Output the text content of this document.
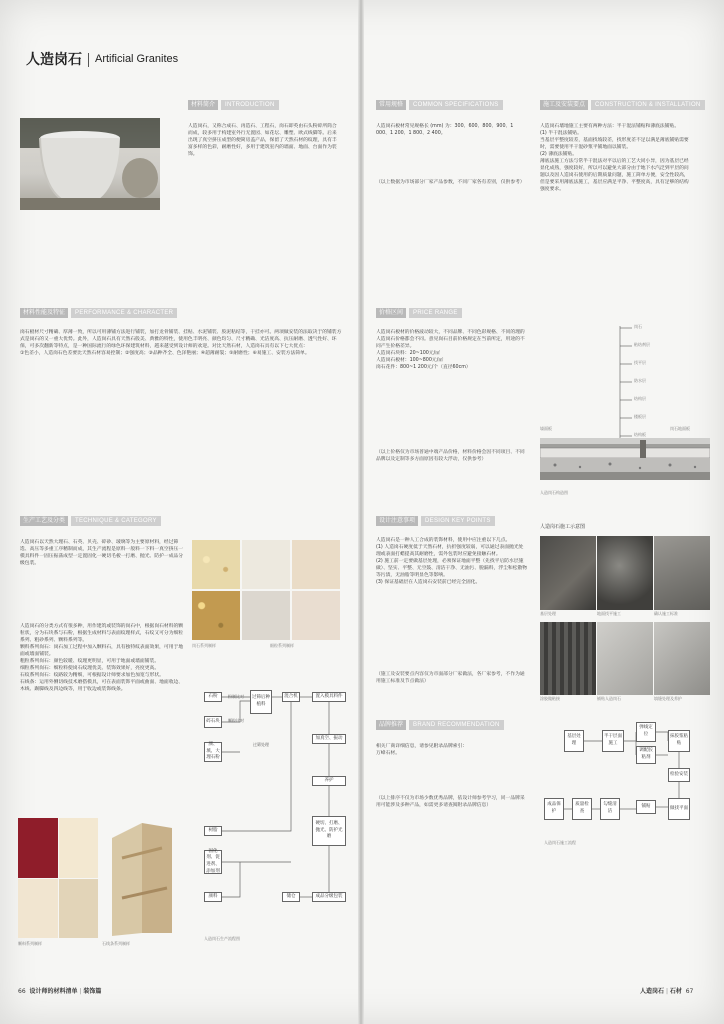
人造岗石 Artificial Granites
材料简介	INTRODUCTION
人造岗石，又称合成石、再造石、工程石，岗石即英由石头粉碎所筒合而成，较多用于构建室外行无置园、如花坛、雕塑、欧式线脚等。后来出现了真空挤压成型的便简房盖产品，保留了天然石材的纹理，具有丰富多样的色彩，耐磨性好，多用于建筑室内的墙面、地面、台面作为装饰。
材料性能及特征	PERFORMANCE & CHARACTER
岗石板材尺寸精确、厚薄一致，所以可用薄铺方法进行铺装，加打龙骨铺装、挂贴、水泥铺装、胶泥粘结等，干挂亦可。两项做安装的法取决于的铺装方式是岗石的又一重大优势。此外，人造岗石具有天然石般美、典雅的特性，使用色丰明亮、颜色均匀、尺寸精确、光洁度高、抗压耐磨、透气性好、环保，可多次翻新等特点，是一种国际流行的绿色环保建筑材料，越来越受到设计师的欢迎。对比天然石材，人造岗石具有以下七大优点：
①色差小，人造岗石色差要比天然石材容易控制；②强度高；③品种齐全、色泽艳丽；④超薄耐裂；⑤耐磨性；⑥易施工、安装方法简单。
生产工艺及分类	TECHNIQUE & CATEGORY
人造岗石以天然大理石、石英、贝壳、碎砂、玻璃等为主要原材料，经过筛选、高压等多重工序精制而成，其生产流程是原料一般料一下料一真空挤压一模具料件一固压振荡成型一定置固化一硬切毛板一打磨、抛光、防护一成品分级包装。
人造岗石的分类方式有很多种，用作建筑或装饰的岗石中，根据岗石材料的颗粒状，分为石块系与石粉，根据生成材料与表面纹理样式，石纹又可分为细粒系列、粗砂系列、颗料系列等。
颗料系列岗石：岗石加工过程中加入颗料石，具有独特纹表面效果，可用于地面或墙面铺装。
粗粒系列岗石：颜色较暖、纹理更明显，可用于地面或墙面铺装。
细粒系列岗石：细粒料使岗石纹理优美、装饰效果好，亮度更高。
石纹系列岗石：纹路较为精细，可根据设计师要求加色加宽与形状。
石线条：运用外侧切线技术磨搭模具，可在表面装饰平面或曲面、地面收边、木线、踢脚线及四边线等，用于收边或装饰线条。
岗石系列制样	细粒系列制样
颗料系列制样	石线条系列制样
石粉
碎石块
颜、填、大理石粉
树脂
固化剂、促进剂、添加剂
颜料
粉制比对
颗粒比对
过筛后种植料
过筛处理
混合机	置入模具料件
加真空、振动
养护
硬切、打磨、抛光、防护光磨
成品分级包装
储仓
人造岗石生产流程图
66 设计师的材料清单 | 装饰篇
常用规格	COMMON SPECIFICATIONS
人造岗石板材常见规格长 (mm) 为：300、600、800、900、1 000、1 200、1 800、2 400。
（以上数据为市场部分厂家产品参数，不同厂家各有差别，仅供参考）
施工及安装要点	CONSTRUCTION & INSTALLATION
人造岗石墙地施工主要有两种方法：半干混法铺贴和薄底法铺贴。
(1) 半干混法铺贴。
当基层平整度较差，基面找坡较差，找形度差不足以满足薄底铺贴需要时，需要使用半干混砂浆平铺地面以铺装。
(2) 薄底法铺贴。
薄底法施工方法与常半干混法对平以后的工艺大同小异，因为基层已经显化成熟，强度较好，所以可以避免大部分由于地下水汽泛到平层的问题以及因人造岗石使用的后期质量问题，施工简单方便，安全性较高，但是要采用薄底法施工，基层应满足平净、平整度高，具有足够的结构强度要求。
价格区间	PRICE RANGE
人造岗石板材的价格波动较大，不同品牌、不同色彩规格、不同的理的人造岗石价格都会不同。意见岗石目前价格规定在当前所定，用途的不同产生价格差异。
人造岗石块料：20~100元/㎡
人造岗石板材：100~800元/㎡
岗石花件：800~1 200元/个（直径60cm）
（以上价格仅为市场普通中端产品价格，材料价格会因不同项目、不同品牌以及定制等多方面原因有较大浮动，仅供参考）
岗石
粘结剂层
找平层
防水层
结构层
楼板层
结构板
墙面板	岗石地面板
人造岗石构造图
设计注意事项	DESIGN KEY POINTS
人造岗石是一种人工合成的装饰材料，使用中应注重以下几点。
(1) 人造岗石硬度低于天然石材，抗折强度较弱，可以通过表面抛光处理或表面打蜡提高其耐磨性，需外包装时应避免接触石材。
(2) 施工前一定要做基层处理，必须保证地面平整（先找平后防水层施做）、坚实、平整、无空鼓、清洁干净、无油污、脱漏料，浮尘和松散物等污渍，无油脂等明显色等影响。
(3) 保证基础层在人造岗石安装前已经完全固化。
（施工及安装要点内容仅为市面部分厂家做法，各厂家参考，不作为通用施工标准及节点做法）
人造岗石施工示意图
基层处理	地面找平施工	确认施工标准
涂胶做粘接	铺贴人造岗石	填缝处理及养护
品牌推荐	BRAND RECOMMENDATION
相关厂商详细信息，请参见附录品牌索引：
万峰石材。
（以上排序不仅为市场少数优秀品牌，依设计师参考学习，同一品牌采用可能涉及多种产品，如需更多请查阅附录品牌信息）
基层处理
半干层面施工
弹线定位	抹胶浆粘贴
调配胶粘剂
成品保护
质量检查
勾缝清洁
铺贴	做找平面
检验安装
人造岗石施工流程
人造岗石 | 石材 67
